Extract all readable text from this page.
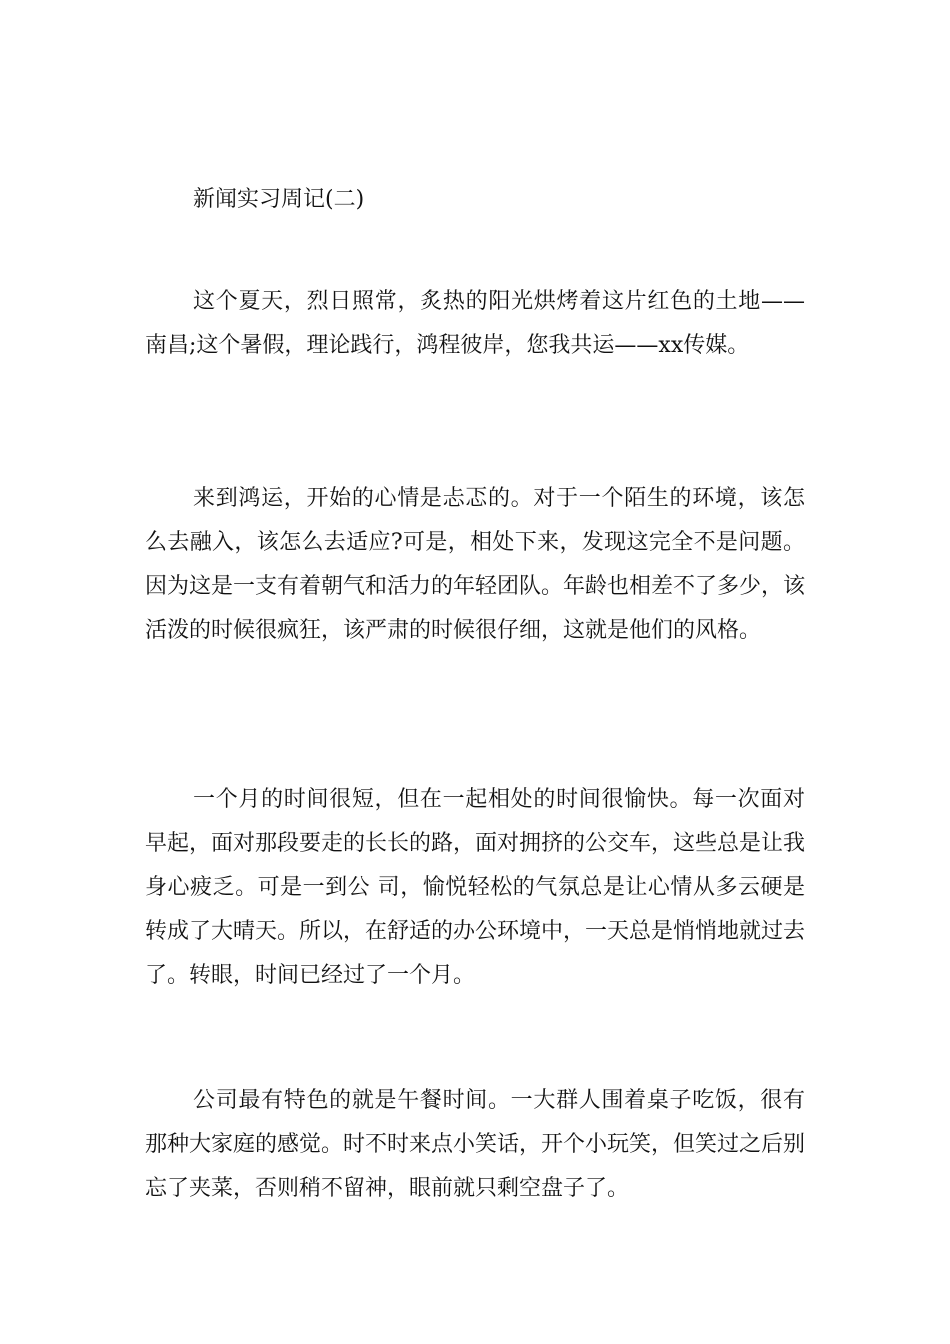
新闻实习周记(二)

这个夏天，烈日照常，炙热的阳光烘烤着这片红色的土地——南昌;这个暑假，理论践行，鸿程彼岸，您我共运——xx传媒。

来到鸿运，开始的心情是忐忑的。对于一个陌生的环境，该怎么去融入，该怎么去适应?可是，相处下来，发现这完全不是问题。因为这是一支有着朝气和活力的年轻团队。年龄也相差不了多少，该活泼的时候很疯狂，该严肃的时候很仔细，这就是他们的风格。

一个月的时间很短，但在一起相处的时间很愉快。每一次面对早起，面对那段要走的长长的路，面对拥挤的公交车，这些总是让我身心疲乏。可是一到公 司，愉悦轻松的气氛总是让心情从多云硬是转成了大晴天。所以，在舒适的办公环境中，一天总是悄悄地就过去了。转眼，时间已经过了一个月。

公司最有特色的就是午餐时间。一大群人围着桌子吃饭，很有那种大家庭的感觉。时不时来点小笑话，开个小玩笑，但笑过之后别忘了夹菜，否则稍不留神，眼前就只剩空盘子了。
